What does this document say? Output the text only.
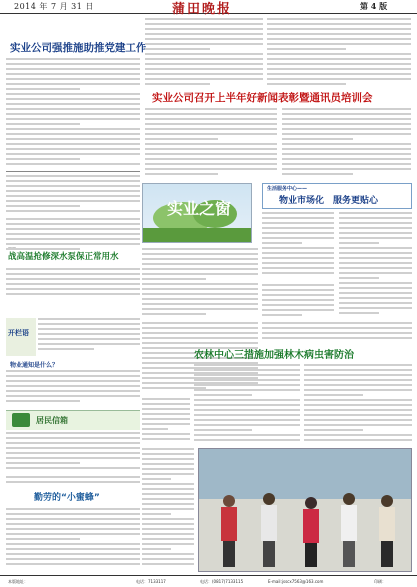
2014 年 7 月 31 日	蒲田晚报	第 4 版
实业公司强推施助推党建工作
实业公司召开上半年好新闻表彰暨通讯员培训会
实业之窗
——
战高温抢修深水泵保正常用水
生活服务中心——
物业市场化　服务更贴心
开栏语
物业通知是什么？
居民信箱
农林中心三措施加强林木病虫害防治
勤劳的“小蜜蜂”
本版地址：	电话：7133117	电话：(0817)7133115	E-mail:jsscx7563@163.com	印刷：
